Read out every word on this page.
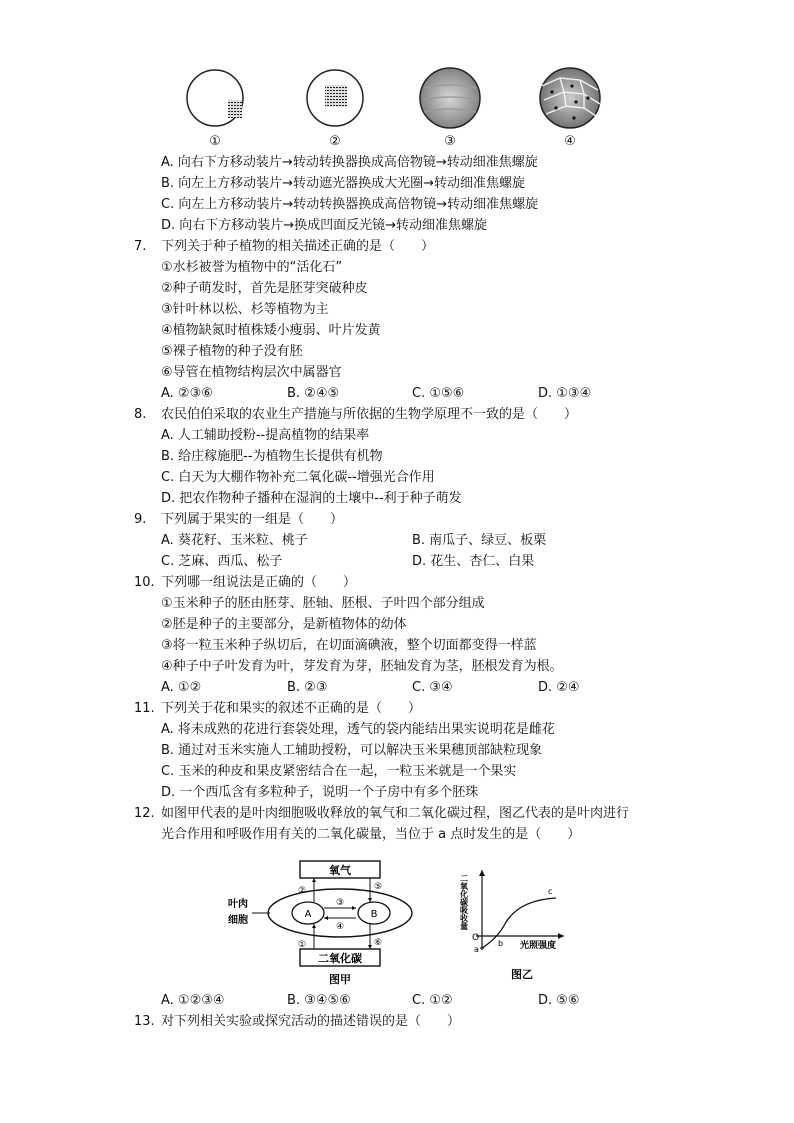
①	②	③	④
A. 向右下方移动装片→转动转换器换成高倍物镜→转动细准焦螺旋
B. 向左上方移动装片→转动遮光器换成大光圈→转动细准焦螺旋
C. 向左上方移动装片→转动转换器换成高倍物镜→转动细准焦螺旋
D. 向右下方移动装片→换成凹面反光镜→转动细准焦螺旋
7. 下列关于种子植物的相关描述正确的是（　　）
①水杉被誉为植物中的“活化石”
②种子萌发时，首先是胚芽突破种皮
③针叶林以松、杉等植物为主
④植物缺氮时植株矮小瘦弱、叶片发黄
⑤裸子植物的种子没有胚
⑥导管在植物结构层次中属器官
A. ②③⑥	B. ②④⑤	C. ①⑤⑥	D. ①③④
8. 农民伯伯采取的农业生产措施与所依据的生物学原理不一致的是（　　）
A. 人工辅助授粉--提高植物的结果率
B. 给庄稼施肥--为植物生长提供有机物
C. 白天为大棚作物补充二氧化碳--增强光合作用
D. 把农作物种子播种在湿润的土壤中--利于种子萌发
9. 下列属于果实的一组是（　　）
A. 葵花籽、玉米粒、桃子	B. 南瓜子、绿豆、板栗
C. 芝麻、西瓜、松子	D. 花生、杏仁、白果
10. 下列哪一组说法是正确的（　　）
①玉米种子的胚由胚芽、胚轴、胚根、子叶四个部分组成
②胚是种子的主要部分，是新植物体的幼体
③将一粒玉米种子纵切后，在切面滴碘液，整个切面都变得一样蓝
④种子中子叶发育为叶，芽发育为芽，胚轴发育为茎，胚根发育为根。
A. ①②	B. ②③	C. ③④	D. ②④
11. 下列关于花和果实的叙述不正确的是（　　）
A. 将未成熟的花进行套袋处理，透气的袋内能结出果实说明花是雌花
B. 通过对玉米实施人工辅助授粉，可以解决玉米果穗顶部缺粒现象
C. 玉米的种皮和果皮紧密结合在一起，一粒玉米就是一个果实
D. 一个西瓜含有多粒种子，说明一个子房中有多个胚珠
12. 如图甲代表的是叶肉细胞吸收释放的氧气和二氧化碳过程，图乙代表的是叶肉进行
光合作用和呼吸作用有关的二氧化碳量，当位于 a 点时发生的是（　　）
氧气
二氧化碳
A	B
③
④
②
①
⑤
⑥
叶肉
细胞
图甲
二氧化碳吸收量
光照强度
O
a
b
c
图乙
A. ①②③④	B. ③④⑤⑥	C. ①②	D. ⑤⑥
13. 对下列相关实验或探究活动的描述错误的是（　　）
